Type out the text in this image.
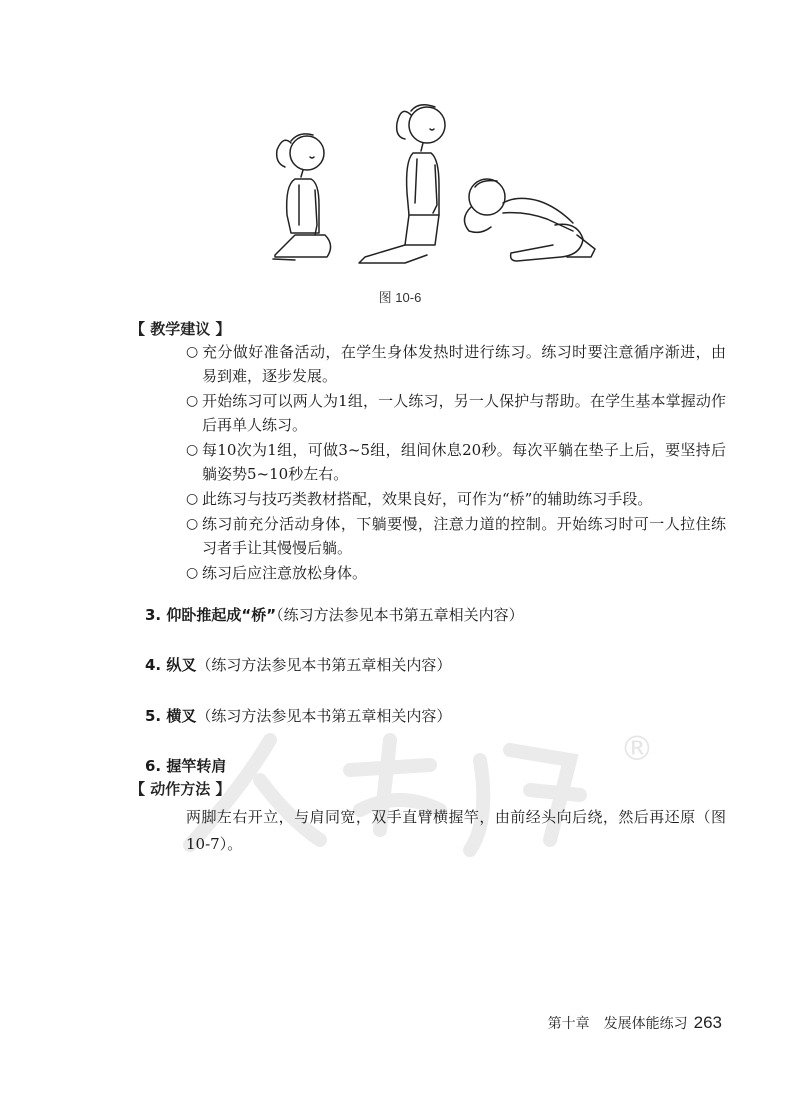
®
图 10-6
【 教学建议 】
○ 充分做好准备活动，在学生身体发热时进行练习。练习时要注意循序渐进，由易到难，逐步发展。
○ 开始练习可以两人为1组，一人练习，另一人保护与帮助。在学生基本掌握动作后再单人练习。
○ 每10次为1组，可做3~5组，组间休息20秒。每次平躺在垫子上后，要坚持后躺姿势5~10秒左右。
○ 此练习与技巧类教材搭配，效果良好，可作为“桥”的辅助练习手段。
○ 练习前充分活动身体，下躺要慢，注意力道的控制。开始练习时可一人拉住练习者手让其慢慢后躺。
○ 练习后应注意放松身体。
3. 仰卧推起成“桥”（练习方法参见本书第五章相关内容）
4. 纵叉（练习方法参见本书第五章相关内容）
5. 横叉（练习方法参见本书第五章相关内容）
6. 握竿转肩
【 动作方法 】
两脚左右开立，与肩同宽，双手直臂横握竿，由前经头向后绕，然后再还原（图10-7）。
第十章　发展体能练习 263
